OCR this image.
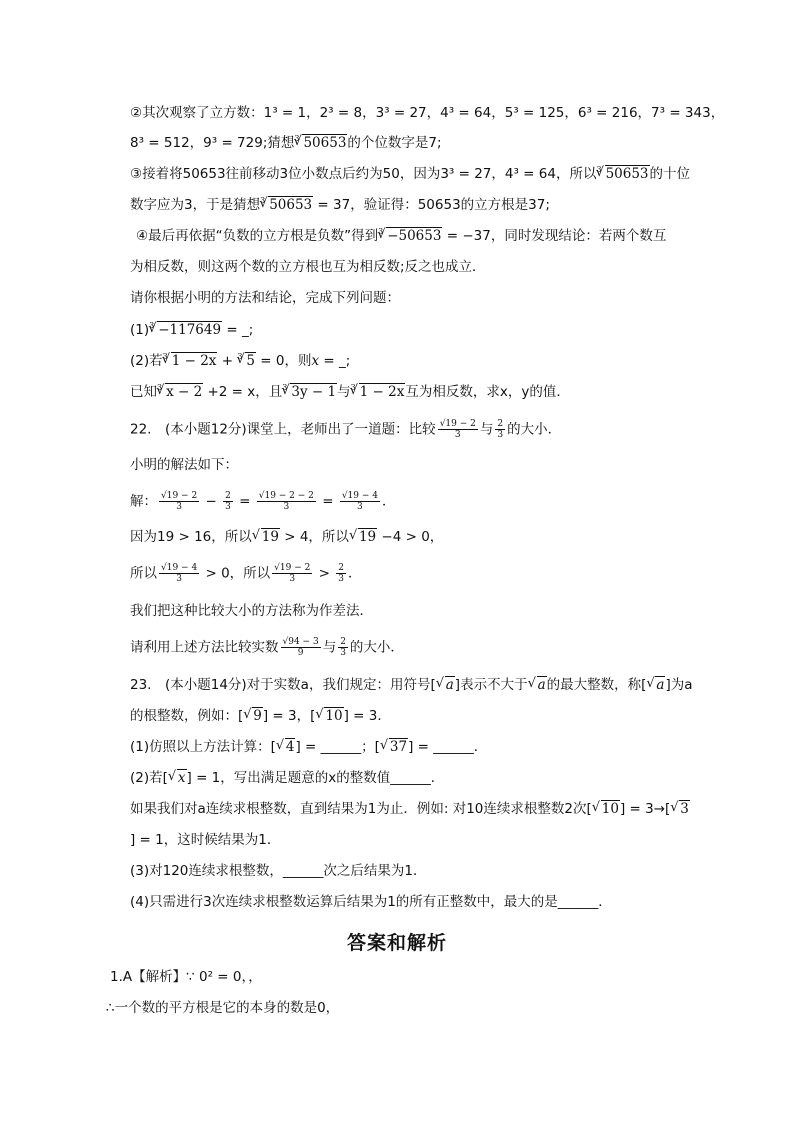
②其次观察了立方数：1³ = 1，2³ = 8，3³ = 27，4³ = 64，5³ = 125，6³ = 216，7³ = 343，
8³ = 512，9³ = 729;猜想$^3$√ 50653的个位数字是7;
③接着将50653往前移动3位小数点后约为50，因为3³ = 27，4³ = 64，所以$^3$√ 50653的十位
数字应为3，于是猜想$^3$√ 50653 = 37，验证得：50653的立方根是37;
④最后再依据“负数的立方根是负数”得到$^3$√ −50653 = −37，同时发现结论：若两个数互
为相反数，则这两个数的立方根也互为相反数;反之也成立．
请你根据小明的方法和结论，完成下列问题：
$(1)^3√ -117649$ = _;
(2)若$^3$√ 1 − 2x + $^3$√ 5 = 0，则x = _;
已知$^3$√ x − 2 +2 = x，且$^3$√ 3y − 1与$^3$√ 1 − 2x互为相反数，求x，y的值．
22.　(本小题12分)课堂上，老师出了一道题：比较 $\frac{√19 - 2}{3}$ 与 $\frac{2}{3}$ 的大小．
小明的解法如下：
解： $\frac{√19 - 2}{3} - \frac{2}{3} = \frac{√19 - 2 - 2}{3} = \frac{√19 - 4}{3}$ ．
因为19 > 16，所以√ 19 > 4，所以√ 19 −4 > 0，
所以 $\frac{√19 - 4}{3} > 0$，所以 $\frac{√19 - 2}{3} > \frac{2}{3}$ ．
我们把这种比较大小的方法称为作差法．
请利用上述方法比较实数 $\frac{√94 - 3}{9}$ 与 $\frac{2}{3}$ 的大小．
23.　(本小题14分)对于实数a，我们规定：用符号[√ a]表示不大于√ a的最大整数，称[√ a]为a
的根整数，例如：[√ 9] = 3，[√ 10] = 3．
(1)仿照以上方法计算：[√ 4] = ______；[√ 37] = ______．
(2)若[√ x] = 1，写出满足题意的x的整数值______．
如果我们对a连续求根整数，直到结果为1为止．例如: 对10连续求根整数2次[√ 10] = 3→[√ 3
] = 1，这时候结果为1．
(3)对120连续求根整数，______次之后结果为1．
(4)只需进行3次连续求根整数运算后结果为1的所有正整数中，最大的是______．
答案和解析
1.A【解析】∵ 0² = 0，，
∴一个数的平方根是它的本身的数是0，
